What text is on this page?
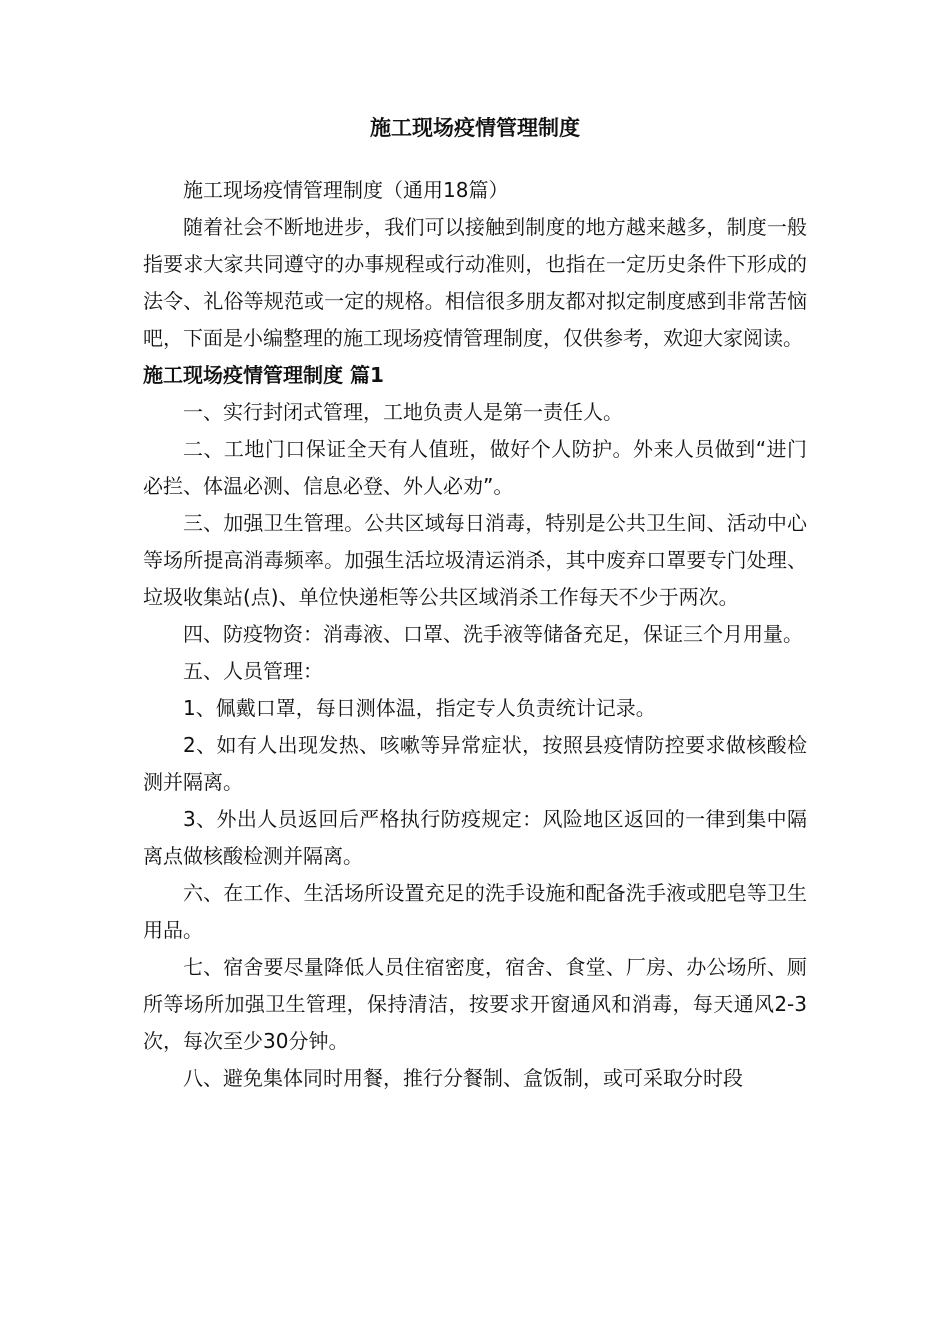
施工现场疫情管理制度

施工现场疫情管理制度（通用18篇）

随着社会不断地进步，我们可以接触到制度的地方越来越多，制度一般指要求大家共同遵守的办事规程或行动准则，也指在一定历史条件下形成的法令、礼俗等规范或一定的规格。相信很多朋友都对拟定制度感到非常苦恼吧，下面是小编整理的施工现场疫情管理制度，仅供参考，欢迎大家阅读。

施工现场疫情管理制度 篇1

一、实行封闭式管理，工地负责人是第一责任人。

二、工地门口保证全天有人值班，做好个人防护。外来人员做到“进门必拦、体温必测、信息必登、外人必劝”。

三、加强卫生管理。公共区域每日消毒，特别是公共卫生间、活动中心等场所提高消毒频率。加强生活垃圾清运消杀，其中废弃口罩要专门处理、垃圾收集站(点)、单位快递柜等公共区域消杀工作每天不少于两次。

四、防疫物资：消毒液、口罩、洗手液等储备充足，保证三个月用量。

五、人员管理：

1、佩戴口罩，每日测体温，指定专人负责统计记录。

2、如有人出现发热、咳嗽等异常症状，按照县疫情防控要求做核酸检测并隔离。

3、外出人员返回后严格执行防疫规定：风险地区返回的一律到集中隔离点做核酸检测并隔离。

六、在工作、生活场所设置充足的洗手设施和配备洗手液或肥皂等卫生用品。

七、宿舍要尽量降低人员住宿密度，宿舍、食堂、厂房、办公场所、厕所等场所加强卫生管理，保持清洁，按要求开窗通风和消毒，每天通风2-3次，每次至少30分钟。

八、避免集体同时用餐，推行分餐制、盒饭制，或可采取分时段
